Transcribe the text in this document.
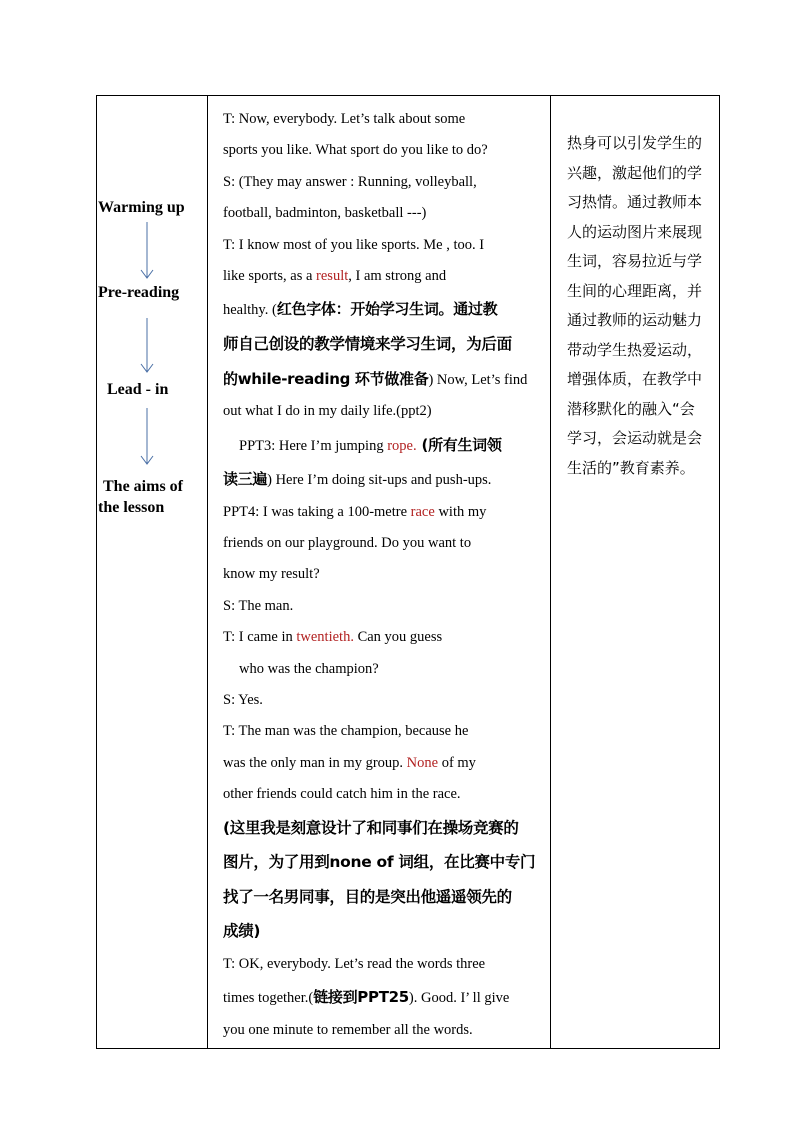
Warming up
Pre-reading
Lead - in
The aims of
the lesson
T: Now, everybody. Let’s talk about some
sports you like. What sport do you like to do?
S: (They may answer : Running, volleyball,
football, badminton, basketball ---)
T: I know most of you like sports. Me , too. I
like sports, as a result, I am strong and
healthy. (红色字体：开始学习生词。通过教
师自己创设的教学情境来学习生词，为后面
的while-reading 环节做准备) Now, Let’s find
out what I do in my daily life.(ppt2)
PPT3: Here I’m jumping rope. (所有生词领
读三遍) Here I’m doing sit-ups and push-ups.
PPT4: I was taking a 100-metre race with my
friends on our playground. Do you want to
know my result?
S: The man.
T: I came in twentieth. Can you guess
who was the champion?
S: Yes.
T: The man was the champion, because he
was the only man in my group. None of my
other friends could catch him in the race.
(这里我是刻意设计了和同事们在操场竞赛的
图片，为了用到none of 词组，在比赛中专门
找了一名男同事，目的是突出他遥遥领先的
成绩)
T: OK, everybody. Let’s read the words three
times together.(链接到PPT25). Good. I’ ll give
you one minute to remember all the words.
热身可以引发学生的
兴趣，激起他们的学
习热情。通过教师本
人的运动图片来展现
生词，容易拉近与学
生间的心理距离，并
通过教师的运动魅力
带动学生热爱运动，
增强体质，在教学中
潜移默化的融入“会
学习，会运动就是会
生活的”教育素养。
